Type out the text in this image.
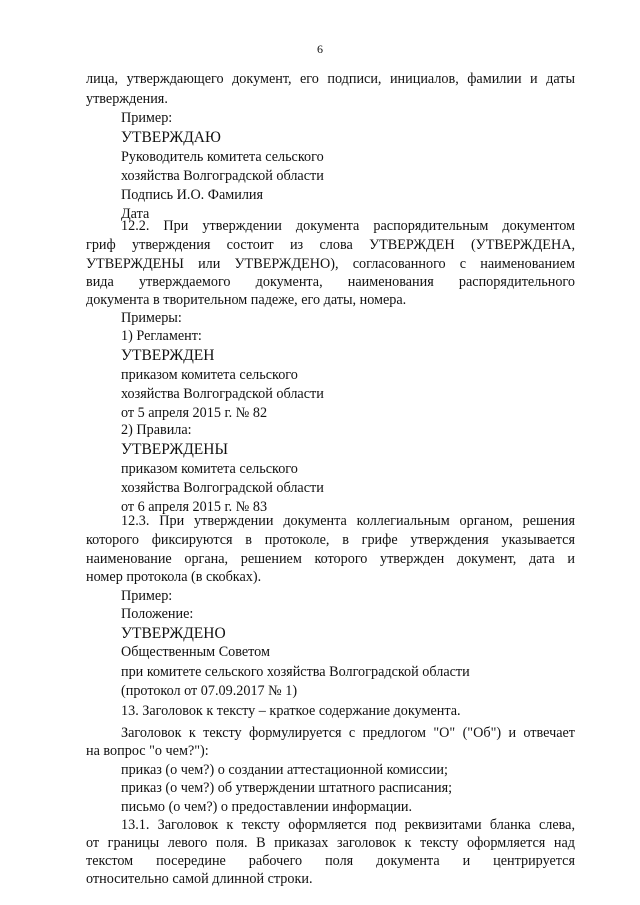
6
лица, утверждающего документ, его подписи, инициалов, фамилии и даты
утверждения.
Пример:
УТВЕРЖДАЮ
Руководитель комитета сельского
хозяйства Волгоградской области
Подпись И.О. Фамилия
Дата
12.2. При утверждении документа распорядительным документом
гриф утверждения состоит из слова УТВЕРЖДЕН (УТВЕРЖДЕНА,
УТВЕРЖДЕНЫ или УТВЕРЖДЕНО), согласованного с наименованием
вида утверждаемого документа, наименования распорядительного
документа в творительном падеже, его даты, номера.
Примеры:
1) Регламент:
УТВЕРЖДЕН
приказом комитета сельского
хозяйства Волгоградской области
от 5 апреля 2015 г. № 82
2) Правила:
УТВЕРЖДЕНЫ
приказом комитета сельского
хозяйства Волгоградской области
от 6 апреля 2015 г. № 83
12.3. При утверждении документа коллегиальным органом, решения
которого фиксируются в протоколе, в грифе утверждения указывается
наименование органа, решением которого утвержден документ, дата и
номер протокола (в скобках).
Пример:
Положение:
УТВЕРЖДЕНО
Общественным Советом
при комитете сельского хозяйства Волгоградской области
(протокол от 07.09.2017 № 1)
13. Заголовок к тексту – краткое содержание документа.
Заголовок к тексту формулируется с предлогом "О" ("Об") и отвечает
на вопрос "о чем?"):
приказ (о чем?) о создании аттестационной комиссии;
приказ (о чем?) об утверждении штатного расписания;
письмо (о чем?) о предоставлении информации.
13.1. Заголовок к тексту оформляется под реквизитами бланка слева,
от границы левого поля. В приказах заголовок к тексту оформляется над
текстом посередине рабочего поля документа и центрируется
относительно самой длинной строки.
